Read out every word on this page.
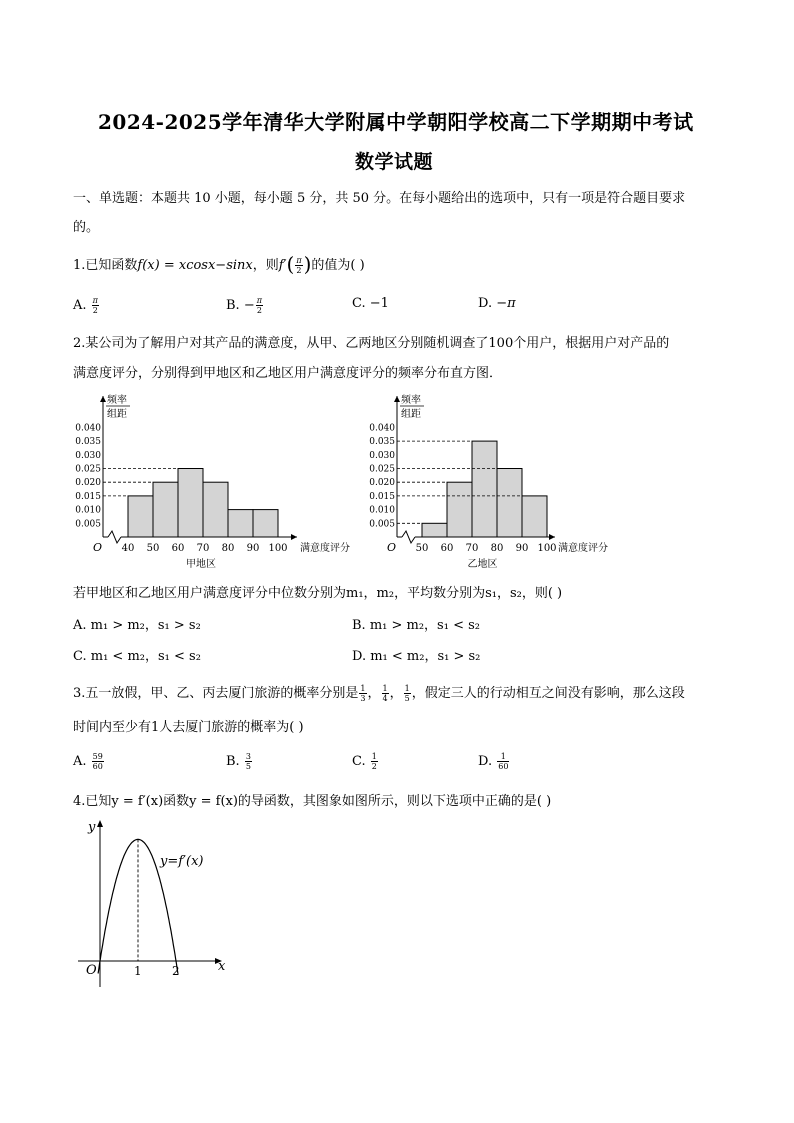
2024-2025学年清华大学附属中学朝阳学校高二下学期期中考试
数学试题
一、单选题：本题共 10 小题，每小题 5 分，共 50 分。在每小题给出的选项中，只有一项是符合题目要求
的。
1.已知函数f(x) = xcosx−sinx，则$f'( \frac{\pi}{2}$ )的值为( )
A. $\frac{\pi}{2}$	B. − $\frac{\pi}{2}$	C. −1	D. −π
2.某公司为了解用户对其产品的满意度，从甲、乙两地区分别随机调查了100个用户，根据用户对产品的
满意度评分，分别得到甲地区和乙地区用户满意度评分的频率分布直方图．
频率
组距
0.005
0.010
0.015
0.020
0.025
0.030
0.035
0.040
O 40 50 60 70 80 90 100 满意度评分
甲地区
频率
组距
0.005
0.010
0.015
0.020
0.025
0.030
0.035
0.040
O 50 60 70 80 90 100 满意度评分
乙地区
若甲地区和乙地区用户满意度评分中位数分别为m₁，m₂，平均数分别为s₁，s₂，则( )
A. m₁ > m₂，s₁ > s₂	B. m₁ > m₂，s₁ < s₂
C. m₁ < m₂，s₁ < s₂	D. m₁ < m₂，s₁ > s₂
3.五一放假，甲、乙、丙去厦门旅游的概率分别是 $\frac{1}{3}$ ， $\frac{1}{4}$ ， $\frac{1}{5}$ ，假定三人的行动相互之间没有影响，那么这段
时间内至少有1人去厦门旅游的概率为( )
A. $\frac{59}{60}$	B. $\frac{3}{5}$	C. $\frac{1}{2}$	D. $\frac{1}{60}$
4.已知y = f′(x)函数y = f(x)的导函数，其图象如图所示，则以下选项中正确的是( )
x
y
O	1	2
y=f′(x)
